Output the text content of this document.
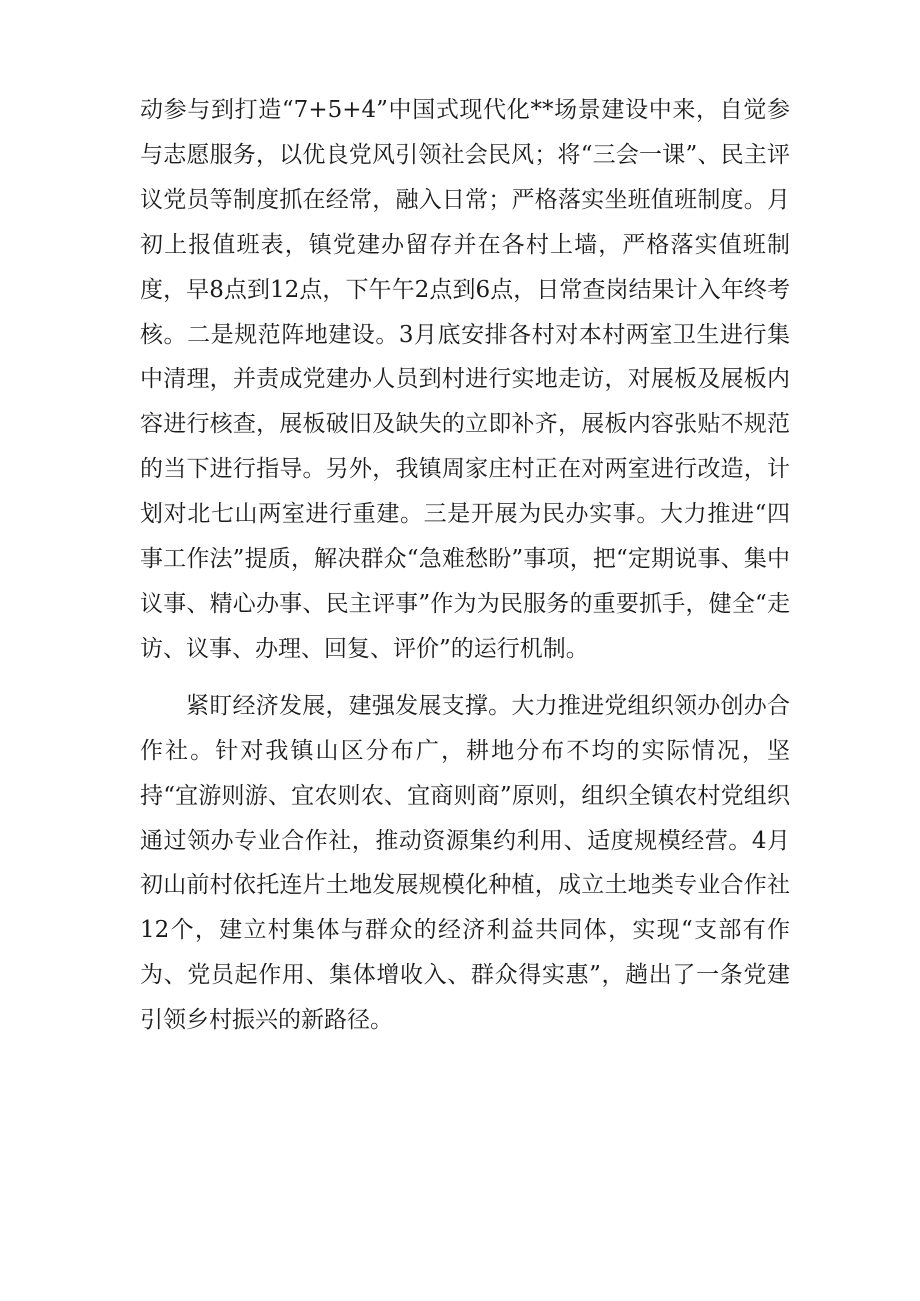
动参与到打造“7+5+4”中国式现代化**场景建设中来，自觉参与志愿服务，以优良党风引领社会民风；将“三会一课”、民主评议党员等制度抓在经常，融入日常；严格落实坐班值班制度。月初上报值班表，镇党建办留存并在各村上墙，严格落实值班制度，早8点到12点，下午午2点到6点，日常查岗结果计入年终考核。二是规范阵地建设。3月底安排各村对本村两室卫生进行集中清理，并责成党建办人员到村进行实地走访，对展板及展板内容进行核查，展板破旧及缺失的立即补齐，展板内容张贴不规范的当下进行指导。另外，我镇周家庄村正在对两室进行改造，计划对北七山两室进行重建。三是开展为民办实事。大力推进“四事工作法”提质，解决群众“急难愁盼”事项，把“定期说事、集中议事、精心办事、民主评事”作为为民服务的重要抓手，健全“走访、议事、办理、回复、评价”的运行机制。

紧盯经济发展，建强发展支撑。大力推进党组织领办创办合作社。针对我镇山区分布广，耕地分布不均的实际情况，坚持“宜游则游、宜农则农、宜商则商”原则，组织全镇农村党组织通过领办专业合作社，推动资源集约利用、适度规模经营。4月初山前村依托连片土地发展规模化种植，成立土地类专业合作社12个，建立村集体与群众的经济利益共同体，实现“支部有作为、党员起作用、集体增收入、群众得实惠”，趟出了一条党建引领乡村振兴的新路径。
